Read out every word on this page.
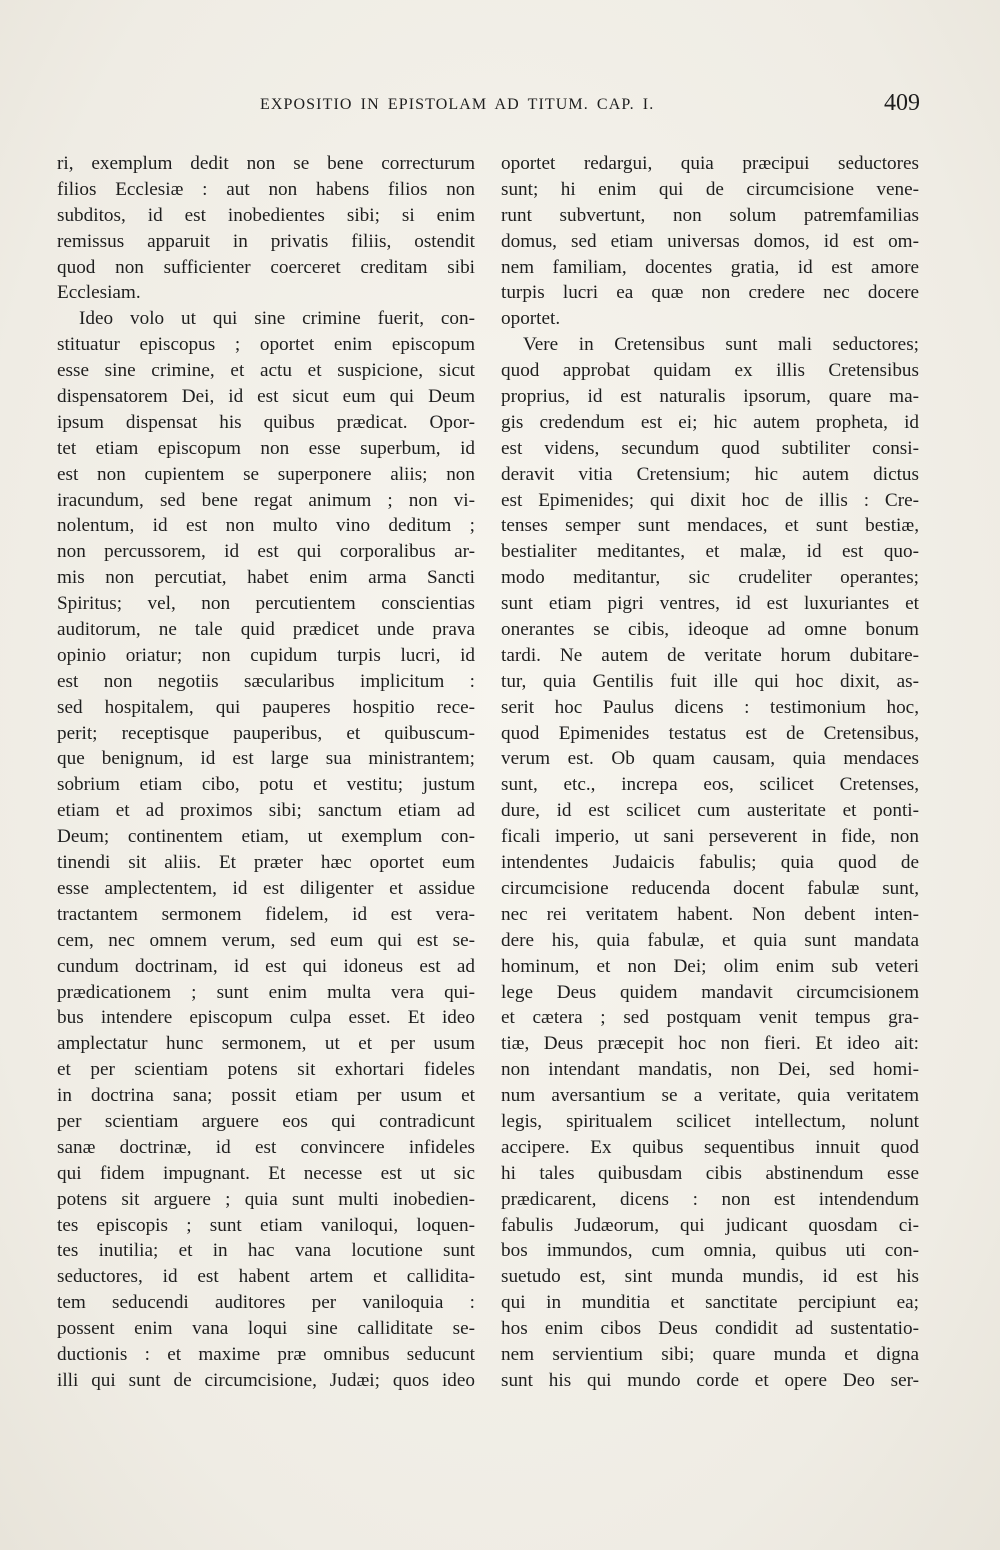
EXPOSITIO IN EPISTOLAM AD TITUM. CAP. I.	409
ri, exemplum dedit non se bene correcturum
filios Ecclesiæ : aut non habens filios non
subditos, id est inobedientes sibi; si enim
remissus apparuit in privatis filiis, ostendit
quod non sufficienter coerceret creditam sibi
Ecclesiam.
Ideo volo ut qui sine crimine fuerit, con-
stituatur episcopus ; oportet enim episcopum
esse sine crimine, et actu et suspicione, sicut
dispensatorem Dei, id est sicut eum qui Deum
ipsum dispensat his quibus prædicat. Opor-
tet etiam episcopum non esse superbum, id
est non cupientem se superponere aliis; non
iracundum, sed bene regat animum ; non vi-
nolentum, id est non multo vino deditum ;
non percussorem, id est qui corporalibus ar-
mis non percutiat, habet enim arma Sancti
Spiritus; vel, non percutientem conscientias
auditorum, ne tale quid prædicet unde prava
opinio oriatur; non cupidum turpis lucri, id
est non negotiis sæcularibus implicitum :
sed hospitalem, qui pauperes hospitio rece-
perit; receptisque pauperibus, et quibuscum-
que benignum, id est large sua ministrantem;
sobrium etiam cibo, potu et vestitu; justum
etiam et ad proximos sibi; sanctum etiam ad
Deum; continentem etiam, ut exemplum con-
tinendi sit aliis. Et præter hæc oportet eum
esse amplectentem, id est diligenter et assidue
tractantem sermonem fidelem, id est vera-
cem, nec omnem verum, sed eum qui est se-
cundum doctrinam, id est qui idoneus est ad
prædicationem ; sunt enim multa vera qui-
bus intendere episcopum culpa esset. Et ideo
amplectatur hunc sermonem, ut et per usum
et per scientiam potens sit exhortari fideles
in doctrina sana; possit etiam per usum et
per scientiam arguere eos qui contradicunt
sanæ doctrinæ, id est convincere infideles
qui fidem impugnant. Et necesse est ut sic
potens sit arguere ; quia sunt multi inobedien-
tes episcopis ; sunt etiam vaniloqui, loquen-
tes inutilia; et in hac vana locutione sunt
seductores, id est habent artem et callidita-
tem seducendi auditores per vaniloquia :
possent enim vana loqui sine calliditate se-
ductionis : et maxime præ omnibus seducunt
illi qui sunt de circumcisione, Judæi; quos ideo
oportet redargui, quia præcipui seductores
sunt; hi enim qui de circumcisione vene-
runt subvertunt, non solum patremfamilias
domus, sed etiam universas domos, id est om-
nem familiam, docentes gratia, id est amore
turpis lucri ea quæ non credere nec docere
oportet.
Vere in Cretensibus sunt mali seductores;
quod approbat quidam ex illis Cretensibus
proprius, id est naturalis ipsorum, quare ma-
gis credendum est ei; hic autem propheta, id
est videns, secundum quod subtiliter consi-
deravit vitia Cretensium; hic autem dictus
est Epimenides; qui dixit hoc de illis : Cre-
tenses semper sunt mendaces, et sunt bestiæ,
bestialiter meditantes, et malæ, id est quo-
modo meditantur, sic crudeliter operantes;
sunt etiam pigri ventres, id est luxuriantes et
onerantes se cibis, ideoque ad omne bonum
tardi. Ne autem de veritate horum dubitare-
tur, quia Gentilis fuit ille qui hoc dixit, as-
serit hoc Paulus dicens : testimonium hoc,
quod Epimenides testatus est de Cretensibus,
verum est. Ob quam causam, quia mendaces
sunt, etc., increpa eos, scilicet Cretenses,
dure, id est scilicet cum austeritate et ponti-
ficali imperio, ut sani perseverent in fide, non
intendentes Judaicis fabulis; quia quod de
circumcisione reducenda docent fabulæ sunt,
nec rei veritatem habent. Non debent inten-
dere his, quia fabulæ, et quia sunt mandata
hominum, et non Dei; olim enim sub veteri
lege Deus quidem mandavit circumcisionem
et cætera ; sed postquam venit tempus gra-
tiæ, Deus præcepit hoc non fieri. Et ideo ait:
non intendant mandatis, non Dei, sed homi-
num aversantium se a veritate, quia veritatem
legis, spiritualem scilicet intellectum, nolunt
accipere. Ex quibus sequentibus innuit quod
hi tales quibusdam cibis abstinendum esse
prædicarent, dicens : non est intendendum
fabulis Judæorum, qui judicant quosdam ci-
bos immundos, cum omnia, quibus uti con-
suetudo est, sint munda mundis, id est his
qui in munditia et sanctitate percipiunt ea;
hos enim cibos Deus condidit ad sustentatio-
nem servientium sibi; quare munda et digna
sunt his qui mundo corde et opere Deo ser-
